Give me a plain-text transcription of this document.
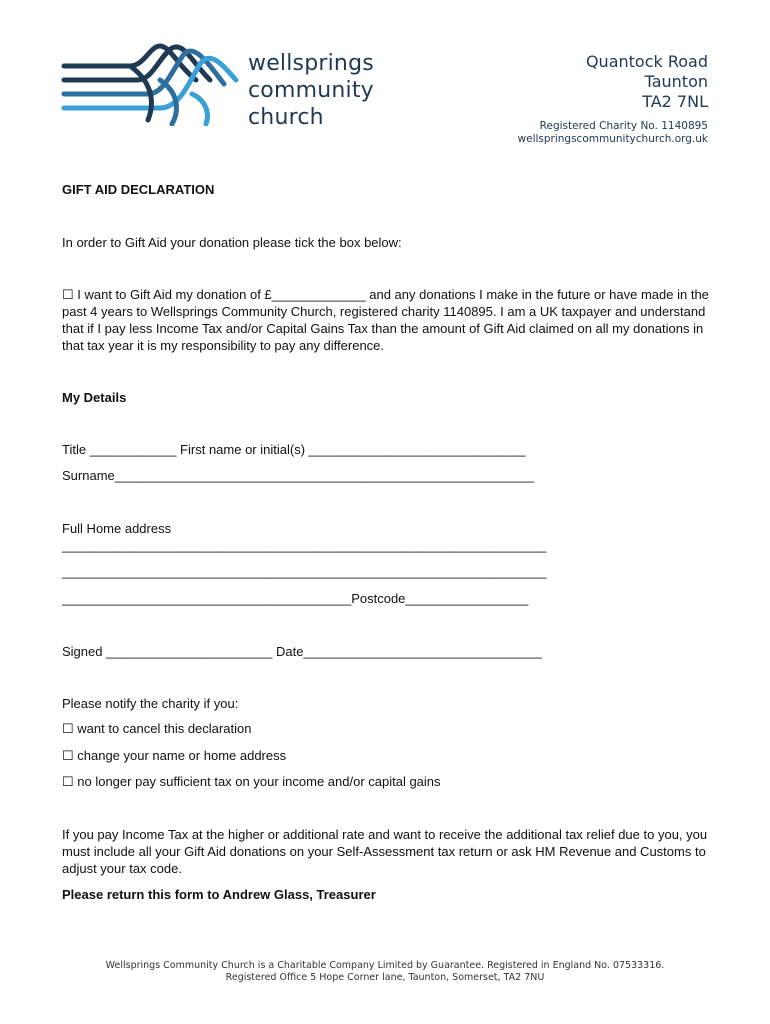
wellsprings
community
church
Quantock Road
Taunton
TA2 7NL
Registered Charity No. 1140895
wellspringscommunitychurch.org.uk
GIFT AID DECLARATION
In order to Gift Aid your donation please tick the box below:
☐ I want to Gift Aid my donation of £_____________ and any donations I make in the future or have made in the past 4 years to Wellsprings Community Church, registered charity 1140895. I am a UK taxpayer and understand that if I pay less Income Tax and/or Capital Gains Tax than the amount of Gift Aid claimed on all my donations in that tax year it is my responsibility to pay any difference.
My Details
Title ____________ First name or initial(s) ______________________________
Surname__________________________________________________________
Full Home address
___________________________________________________________________
___________________________________________________________________
________________________________________Postcode_________________
Signed _______________________ Date_________________________________
Please notify the charity if you:
☐ want to cancel this declaration
☐ change your name or home address
☐ no longer pay sufficient tax on your income and/or capital gains
If you pay Income Tax at the higher or additional rate and want to receive the additional tax relief due to you, you must include all your Gift Aid donations on your Self-Assessment tax return or ask HM Revenue and Customs to adjust your tax code.
Please return this form to Andrew Glass, Treasurer
Wellsprings Community Church is a Charitable Company Limited by Guarantee. Registered in England No. 07533316.
Registered Office 5 Hope Corner lane, Taunton, Somerset, TA2 7NU
